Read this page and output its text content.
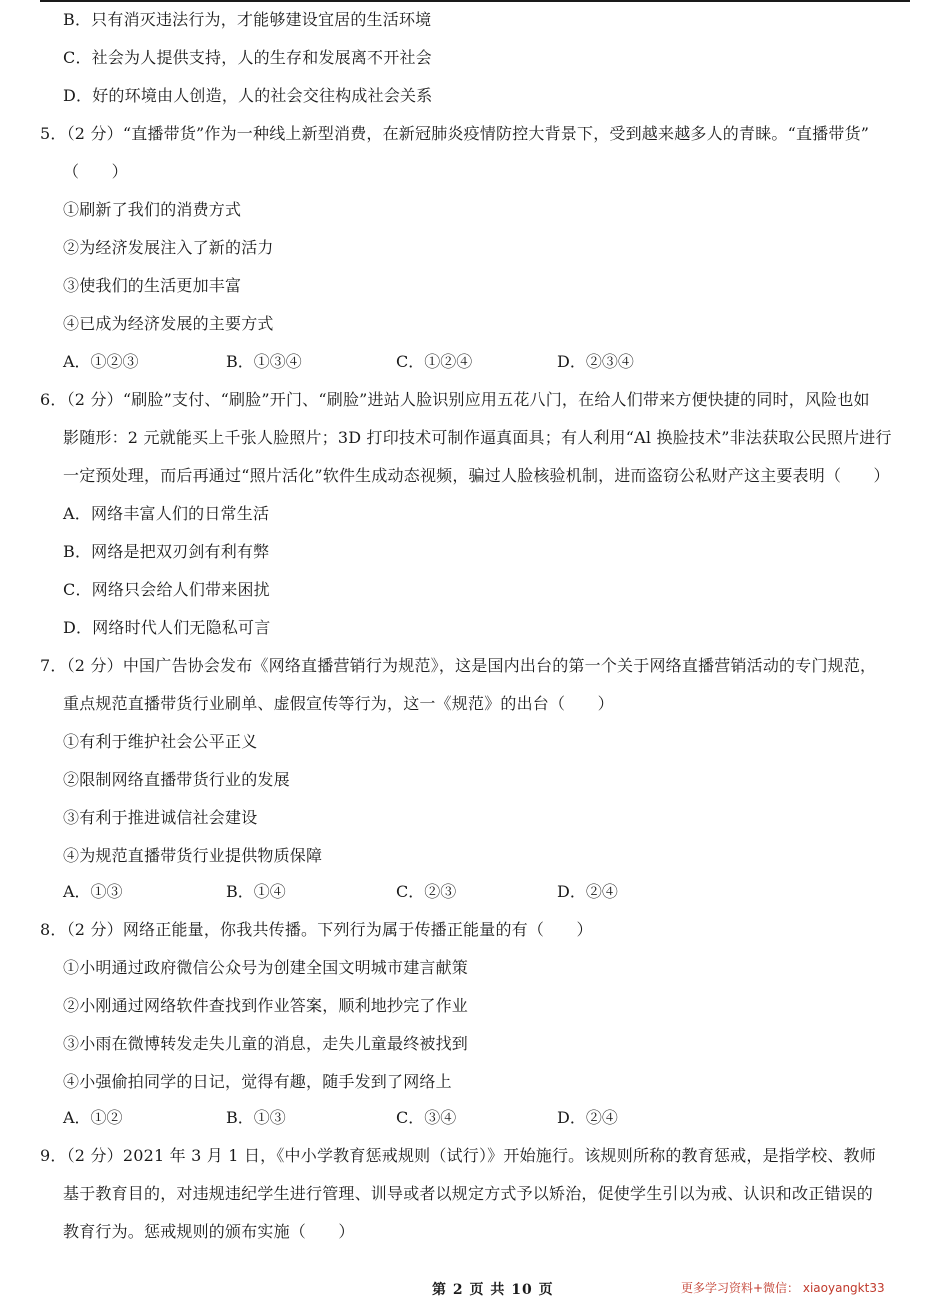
B．只有消灭违法行为，才能够建设宜居的生活环境
C．社会为人提供支持，人的生存和发展离不开社会
D．好的环境由人创造，人的社会交往构成社会关系
5．（2 分）“直播带货”作为一种线上新型消费，在新冠肺炎疫情防控大背景下，受到越来越多人的青睐。“直播带货”
（　　）
①刷新了我们的消费方式
②为经济发展注入了新的活力
③使我们的生活更加丰富
④已成为经济发展的主要方式
A．①②③	B．①③④	C．①②④	D．②③④
6．（2 分）“刷脸”支付、“刷脸”开门、“刷脸”进站人脸识别应用五花八门，在给人们带来方便快捷的同时，风险也如
影随形：2 元就能买上千张人脸照片；3D 打印技术可制作逼真面具；有人利用“Al 换脸技术”非法获取公民照片进行
一定预处理，而后再通过“照片活化”软件生成动态视频，骗过人脸核验机制，进而盗窃公私财产这主要表明（　　）
A．网络丰富人们的日常生活
B．网络是把双刃剑有利有弊
C．网络只会给人们带来困扰
D．网络时代人们无隐私可言
7．（2 分）中国广告协会发布《网络直播营销行为规范》，这是国内出台的第一个关于网络直播营销活动的专门规范，
重点规范直播带货行业刷单、虚假宣传等行为，这一《规范》的出台（　　）
①有利于维护社会公平正义
②限制网络直播带货行业的发展
③有利于推进诚信社会建设
④为规范直播带货行业提供物质保障
A．①③	B．①④	C．②③	D．②④
8．（2 分）网络正能量，你我共传播。下列行为属于传播正能量的有（　　）
①小明通过政府微信公众号为创建全国文明城市建言献策
②小刚通过网络软件查找到作业答案，顺利地抄完了作业
③小雨在微博转发走失儿童的消息，走失儿童最终被找到
④小强偷拍同学的日记，觉得有趣，随手发到了网络上
A．①②	B．①③	C．③④	D．②④
9．（2 分）2021 年 3 月 1 日，《中小学教育惩戒规则（试行）》开始施行。该规则所称的教育惩戒，是指学校、教师
基于教育目的，对违规违纪学生进行管理、训导或者以规定方式予以矫治，促使学生引以为戒、认识和改正错误的
教育行为。惩戒规则的颁布实施（　　）
第 2 页 共 10 页	更多学习资料+微信： xiaoyangkt33
